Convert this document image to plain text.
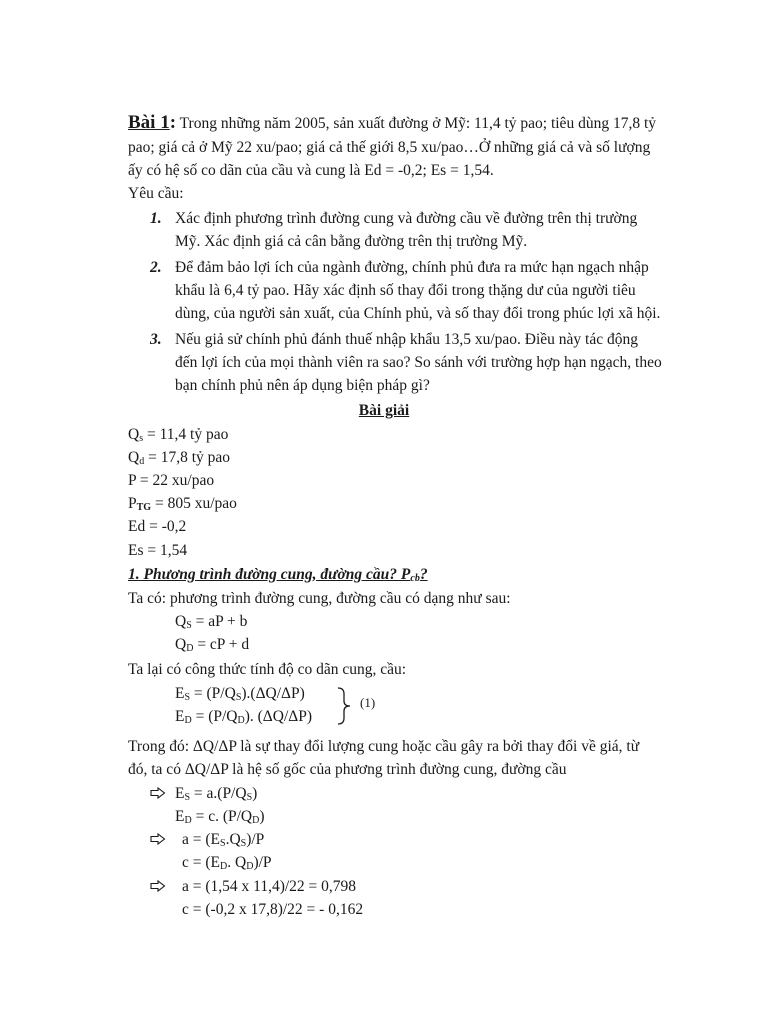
Bài 1: Trong những năm 2005, sản xuất đường ở Mỹ: 11,4 tỷ pao; tiêu dùng 17,8 tỷ
pao; giá cả ở Mỹ 22 xu/pao; giá cả thế giới 8,5 xu/pao…Ở những giá cả và số lượng
ấy có hệ số co dãn của cầu và cung là Ed = -0,2; Es = 1,54.
Yêu cầu:
1. Xác định phương trình đường cung và đường cầu về đường trên thị trường
Mỹ. Xác định giá cả cân bằng đường trên thị trường Mỹ.
2. Để đảm bảo lợi ích của ngành đường, chính phủ đưa ra mức hạn ngạch nhập
khẩu là 6,4 tỷ pao. Hãy xác định số thay đổi trong thặng dư của người tiêu
dùng, của người sản xuất, của Chính phủ, và số thay đổi trong phúc lợi xã hội.
3. Nếu giả sử chính phủ đánh thuế nhập khẩu 13,5 xu/pao. Điều này tác động
đến lợi ích của mọi thành viên ra sao? So sánh với trường hợp hạn ngạch, theo
bạn chính phủ nên áp dụng biện pháp gì?
Bài giải
$Q_s = 11,4$ tỷ pao
$Q_d = 17,8$ tỷ pao
P = 22 xu/pao
$P_{TG} = 805$ xu/pao
Ed = -0,2
Es = 1,54
1. Phương trình đường cung, đường cầu? $P_{cb}$?
Ta có: phương trình đường cung, đường cầu có dạng như sau:
$Q_S$ = aP + b
$Q_D$ = cP + d
Ta lại có công thức tính độ co dãn cung, cầu:
$E_S = (P/Q_S).(\Delta Q/\Delta P)$
$E_D = (P/Q_D)$. (ΔQ/ΔP)
(1)
Trong đó: ΔQ/ΔP là sự thay đổi lượng cung hoặc cầu gây ra bởi thay đổi về giá, từ
đó, ta có ΔQ/ΔP là hệ số gốc của phương trình đường cung, đường cầu
$E_S = a.(P/Q_S)$
$E_D = c$. $(P/Q_D)$
$a = (E_S.Q_S)/P$
$c = (E_D$. $Q_D)/P$
a = (1,54 x 11,4)/22 = 0,798
c = (-0,2 x 17,8)/22 = - 0,162
